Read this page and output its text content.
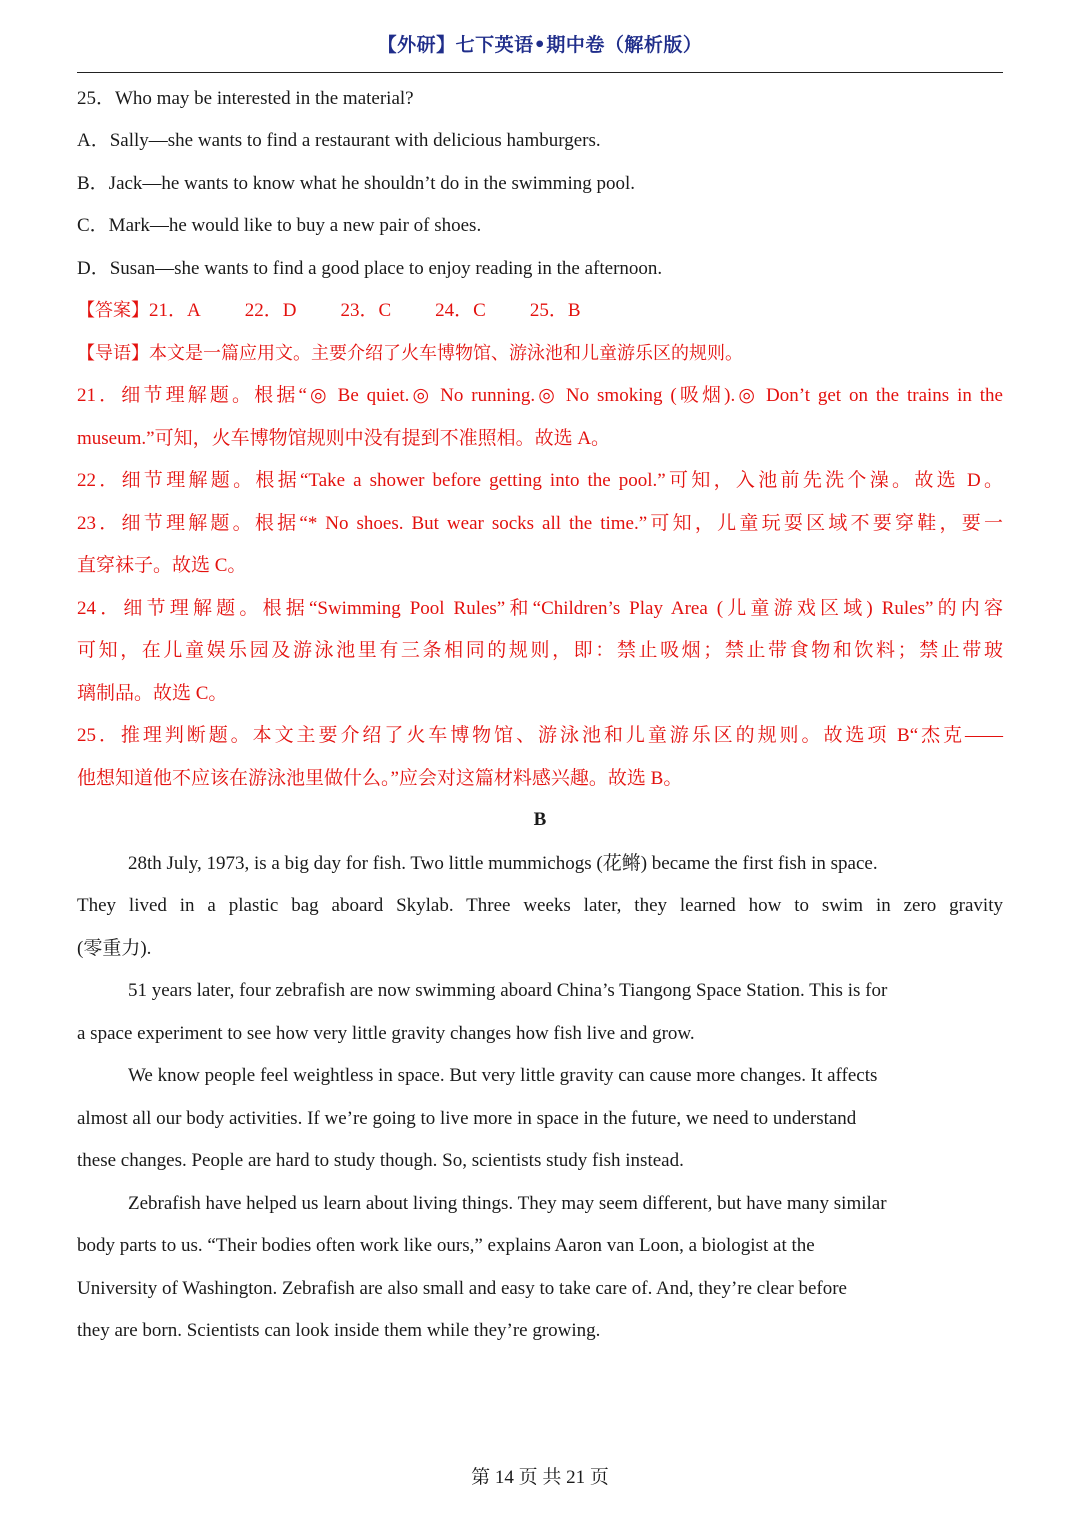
【外研】七下英语•期中卷（解析版）
25．Who may be interested in the material?
A．Sally—she wants to find a restaurant with delicious hamburgers.
B．Jack—he wants to know what he shouldn’t do in the swimming pool.
C．Mark—he would like to buy a new pair of shoes.
D．Susan—she wants to find a good place to enjoy reading in the afternoon.
【答案】21．A 22．D 23．C 24．C 25．B
【导语】本文是一篇应用文。主要介绍了火车博物馆、游泳池和儿童游乐区的规则。
21．细节理解题。根据“◎ Be quiet.◎ No running.◎ No smoking (吸烟).◎ Don’t get on the trains in the
museum.”可知，火车博物馆规则中没有提到不准照相。故选 A。
22．细节理解题。根据“Take a shower before getting into the pool.”可知，入池前先洗个澡。故选 D。
23．细节理解题。根据“* No shoes. But wear socks all the time.”可知，儿童玩耍区域不要穿鞋，要一
直穿袜子。故选 C。
24．细节理解题。根据“Swimming Pool Rules”和“Children’s Play Area (儿童游戏区域) Rules”的内容
可知，在儿童娱乐园及游泳池里有三条相同的规则，即：禁止吸烟；禁止带食物和饮料；禁止带玻
璃制品。故选 C。
25．推理判断题。本文主要介绍了火车博物馆、游泳池和儿童游乐区的规则。故选项 B“杰克——
他想知道他不应该在游泳池里做什么。”应会对这篇材料感兴趣。故选 B。
B
28th July, 1973, is a big day for fish. Two little mummichogs (花鳉) became the first fish in space.
They lived in a plastic bag aboard Skylab. Three weeks later, they learned how to swim in zero gravity
(零重力).
51 years later, four zebrafish are now swimming aboard China’s Tiangong Space Station. This is for
a space experiment to see how very little gravity changes how fish live and grow.
We know people feel weightless in space. But very little gravity can cause more changes. It affects
almost all our body activities. If we’re going to live more in space in the future, we need to understand
these changes. People are hard to study though. So, scientists study fish instead.
Zebrafish have helped us learn about living things. They may seem different, but have many similar
body parts to us. “Their bodies often work like ours,” explains Aaron van Loon, a biologist at the
University of Washington. Zebrafish are also small and easy to take care of. And, they’re clear before
they are born. Scientists can look inside them while they’re growing.
第 14 页 共 21 页
